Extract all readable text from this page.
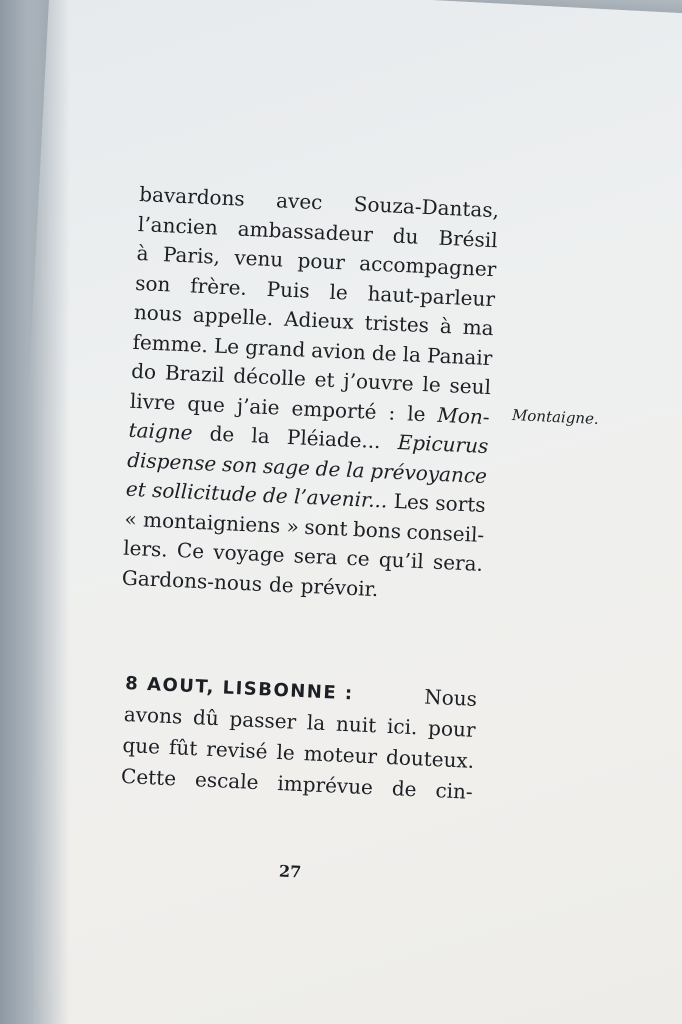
bavardons avec Souza-Dantas,
l’ancien ambassadeur du Brésil
à Paris, venu pour accompagner
son frère. Puis le haut-parleur
nous appelle. Adieux tristes à ma
femme. Le grand avion de la Panair
do Brazil décolle et j’ouvre le seul
livre que j’aie emporté : le Mon-
taigne de la Pléiade... Epicurus
dispense son sage de la prévoyance
et sollicitude de l’avenir... Les sorts
« montaigniens » sont bons conseil-
lers. Ce voyage sera ce qu’il sera.
Gardons-nous de prévoir.
Montaigne.
8 AOUT, LISBONNE :	Nous
avons dû passer la nuit ici. pour
que fût revisé le moteur douteux.
Cette escale imprévue de cin-
27
